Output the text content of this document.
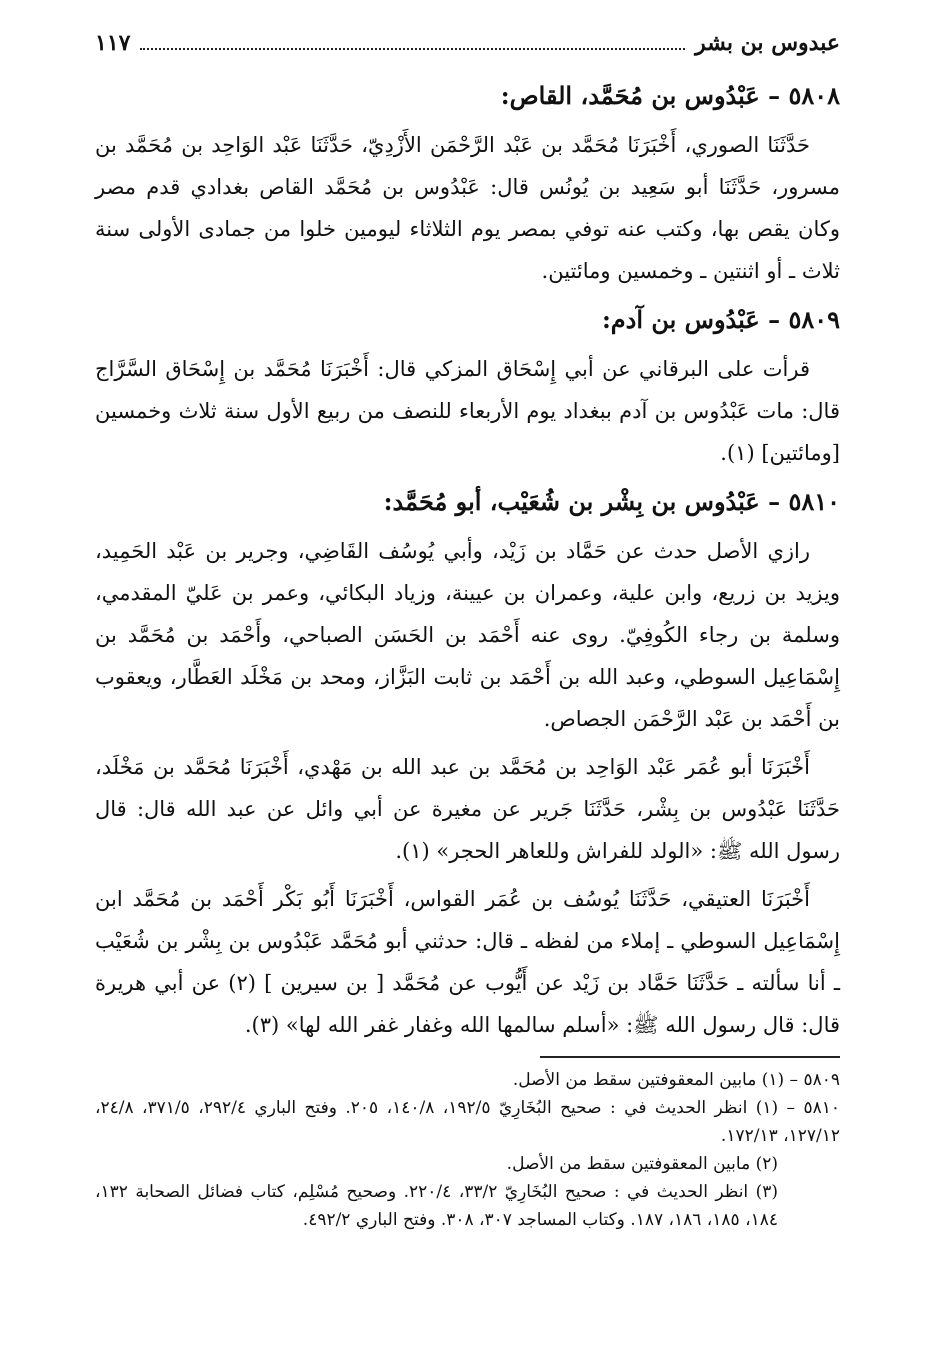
عبدوس بن بشر
١١٧
٥٨٠٨ – عَبْدُوس بن مُحَمَّد، القاص:

حَدَّثَنَا الصوري، أَخْبَرَنَا مُحَمَّد بن عَبْد الرَّحْمَن الأَزْدِيّ، حَدَّثَنَا عَبْد الوَاحِد بن مُحَمَّد بن مسرور، حَدَّثَنَا أبو سَعِيد بن يُونُس قال: عَبْدُوس بن مُحَمَّد القاص بغدادي قدم مصر وكان يقص بها، وكتب عنه توفي بمصر يوم الثلاثاء ليومين خلوا من جمادى الأولى سنة ثلاث ـ أو اثنتين ـ وخمسين ومائتين.

٥٨٠٩ – عَبْدُوس بن آدم:

قرأت على البرقاني عن أبي إِسْحَاق المزكي قال: أَخْبَرَنَا مُحَمَّد بن إِسْحَاق السَّرَّاج قال: مات عَبْدُوس بن آدم ببغداد يوم الأربعاء للنصف من ربيع الأول سنة ثلاث وخمسين [ومائتين] (١).

٥٨١٠ – عَبْدُوس بن بِشْر بن شُعَيْب، أبو مُحَمَّد:

رازي الأصل حدث عن حَمَّاد بن زَيْد، وأبي يُوسُف القَاضِي، وجرير بن عَبْد الحَمِيد، ويزيد بن زريع، وابن علية، وعمران بن عيينة، وزياد البكائي، وعمر بن عَليّ المقدمي، وسلمة بن رجاء الكُوفِيّ. روى عنه أَحْمَد بن الحَسَن الصباحي، وأَحْمَد بن مُحَمَّد بن إِسْمَاعِيل السوطي، وعبد الله بن أَحْمَد بن ثابت البَزَّاز، ومحد بن مَخْلَد العَطَّار، ويعقوب بن أَحْمَد بن عَبْد الرَّحْمَن الجصاص.

أَخْبَرَنَا أبو عُمَر عَبْد الوَاحِد بن مُحَمَّد بن عبد الله بن مَهْدي، أَخْبَرَنَا مُحَمَّد بن مَخْلَد، حَدَّثَنَا عَبْدُوس بن بِشْر، حَدَّثَنَا جَرير عن مغيرة عن أبي وائل عن عبد الله قال: قال رسول الله ﷺ: «الولد للفراش وللعاهر الحجر» (١).

أَخْبَرَنَا العتيقي، حَدَّثَنَا يُوسُف بن عُمَر القواس، أَخْبَرَنَا أَبُو بَكْر أَحْمَد بن مُحَمَّد ابن إِسْمَاعِيل السوطي ـ إملاء من لفظه ـ قال: حدثني أبو مُحَمَّد عَبْدُوس بن بِشْر بن شُعَيْب ـ أنا سألته ـ حَدَّثَنَا حَمَّاد بن زَيْد عن أَيُّوب عن مُحَمَّد [ بن سيرين ] (٢) عن أبي هريرة قال: قال رسول الله ﷺ: «أسلم سالمها الله وغفار غفر الله لها» (٣).

٥٨٠٩ – (١) مابين المعقوفتين سقط من الأصل.

٥٨١٠ – (١) انظر الحديث في : صحيح البُخَارِيّ ١٩٢/٥، ١٤٠/٨، ٢٠٥. وفتح الباري ٢٩٢/٤، ٣٧١/٥، ٢٤/٨، ١٢٧/١٢، ١٧٢/١٣.

(٢) مابين المعقوفتين سقط من الأصل.

(٣) انظر الحديث في : صحيح البُخَارِيّ ٣٣/٢، ٢٢٠/٤. وصحيح مُسْلِم، كتاب فضائل الصحابة ١٣٢، ١٨٤، ١٨٥، ١٨٦، ١٨٧. وكتاب المساجد ٣٠٧، ٣٠٨. وفتح الباري ٤٩٢/٢.
